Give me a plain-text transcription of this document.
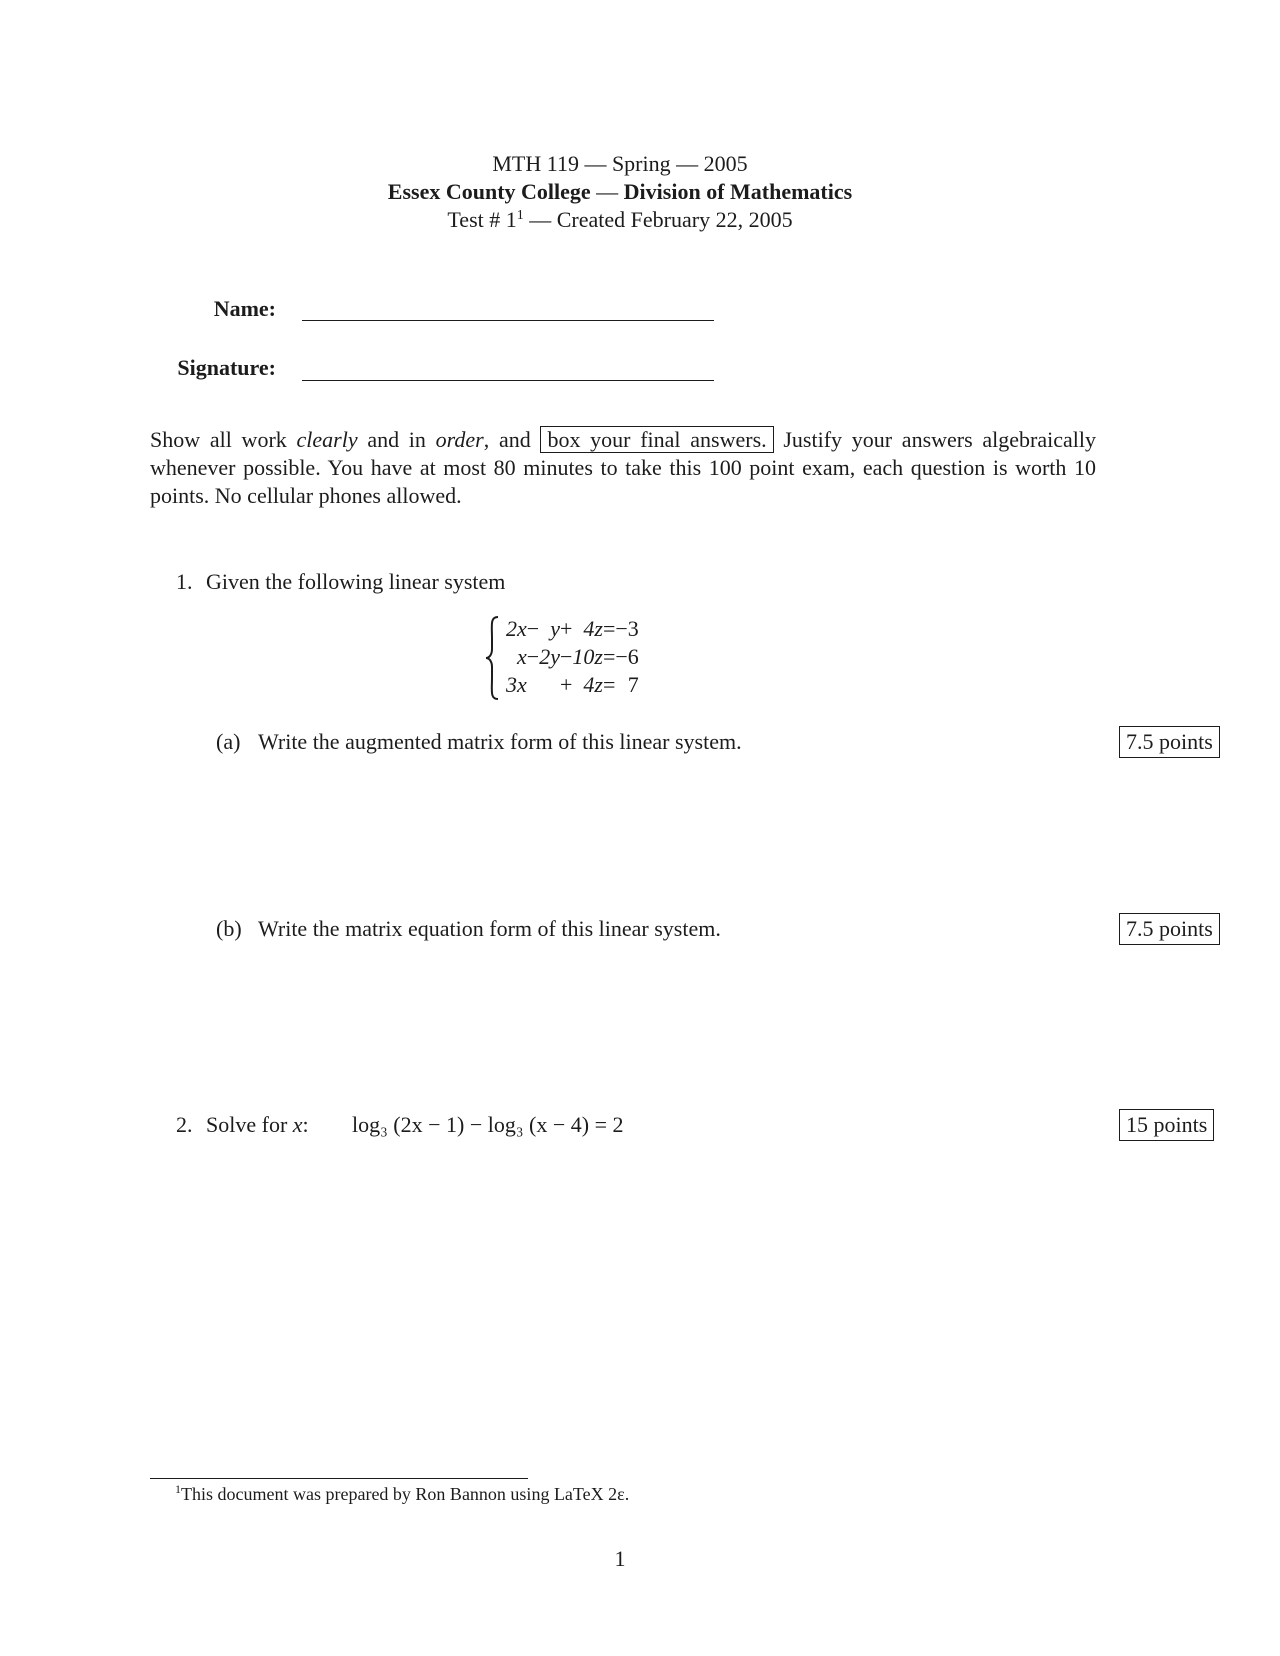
MTH 119 — Spring — 2005
Essex County College — Division of Mathematics
Test # $1^1$ — Created February 22, 2005
Name:
Signature:
Show all work clearly and in order, and box your final answers. Justify your answers algebraically whenever possible. You have at most 80 minutes to take this 100 point exam, each question is worth 10 points. No cellular phones allowed.
1. Given the following linear system
2x	−	y	+	4z	=	−3
x	−	2y	−	10z	=	−6
3x			+	4z	=	7
(a) Write the augmented matrix form of this linear system.	7.5 points
(b) Write the matrix equation form of this linear system.	7.5 points
2. Solve for x: log₃ (2x − 1) − log₃ (x − 4) = 2	15 points
$^1$This document was prepared by Ron Bannon using LaTeX 2ε.
1
